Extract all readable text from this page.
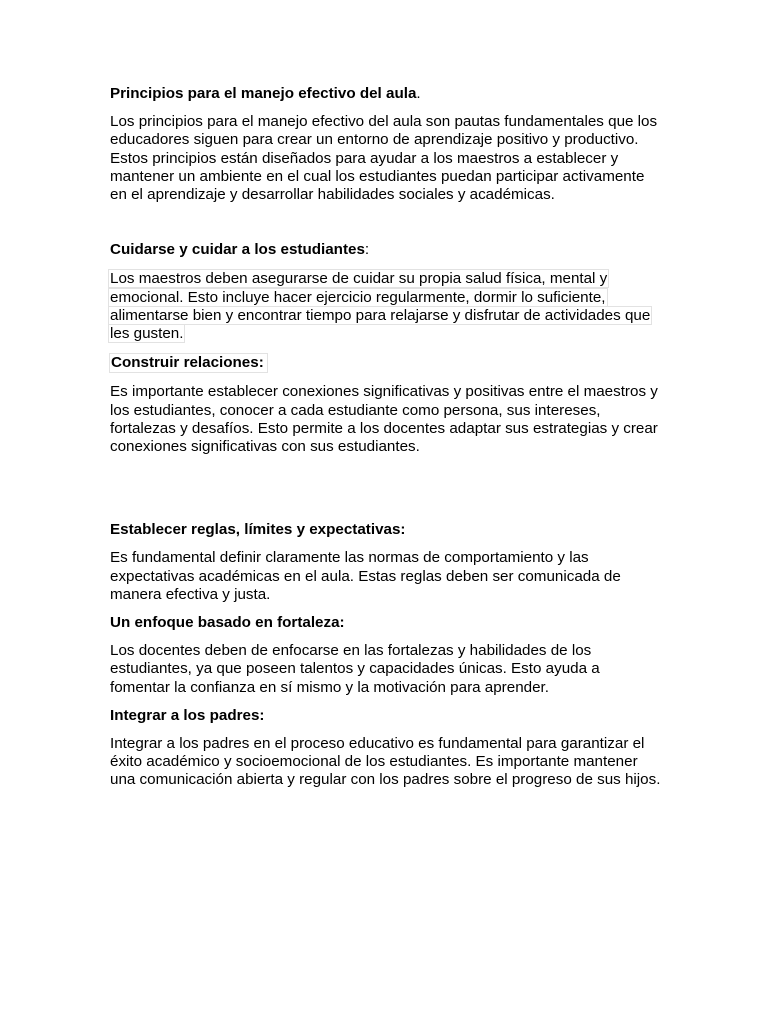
Principios para el manejo efectivo del aula.

Los principios para el manejo efectivo del aula son pautas fundamentales que los educadores siguen para crear un entorno de aprendizaje positivo y productivo. Estos principios están diseñados para ayudar a los maestros a establecer y mantener un ambiente en el cual los estudiantes puedan participar activamente en el aprendizaje y desarrollar habilidades sociales y académicas.

Cuidarse y cuidar a los estudiantes:

Los maestros deben asegurarse de cuidar su propia salud física, mental y emocional. Esto incluye hacer ejercicio regularmente, dormir lo suficiente, alimentarse bien y encontrar tiempo para relajarse y disfrutar de actividades que les gusten.

Construir relaciones:

Es importante establecer conexiones significativas y positivas entre el maestros y los estudiantes, conocer a cada estudiante como persona, sus intereses, fortalezas y desafíos. Esto permite a los docentes adaptar sus estrategias y crear conexiones significativas con sus estudiantes.

Establecer reglas, límites y expectativas:

Es fundamental definir claramente las normas de comportamiento y las expectativas académicas en el aula. Estas reglas deben ser comunicada de manera efectiva y justa.

Un enfoque basado en fortaleza:

Los docentes deben de enfocarse en las fortalezas y habilidades de los estudiantes, ya que poseen talentos y capacidades únicas. Esto ayuda a fomentar la confianza en sí mismo y la motivación para aprender.

Integrar a los padres:

Integrar a los padres en el proceso educativo es fundamental para garantizar el éxito académico y socioemocional de los estudiantes. Es importante mantener una comunicación abierta y regular con los padres sobre el progreso de sus hijos.
